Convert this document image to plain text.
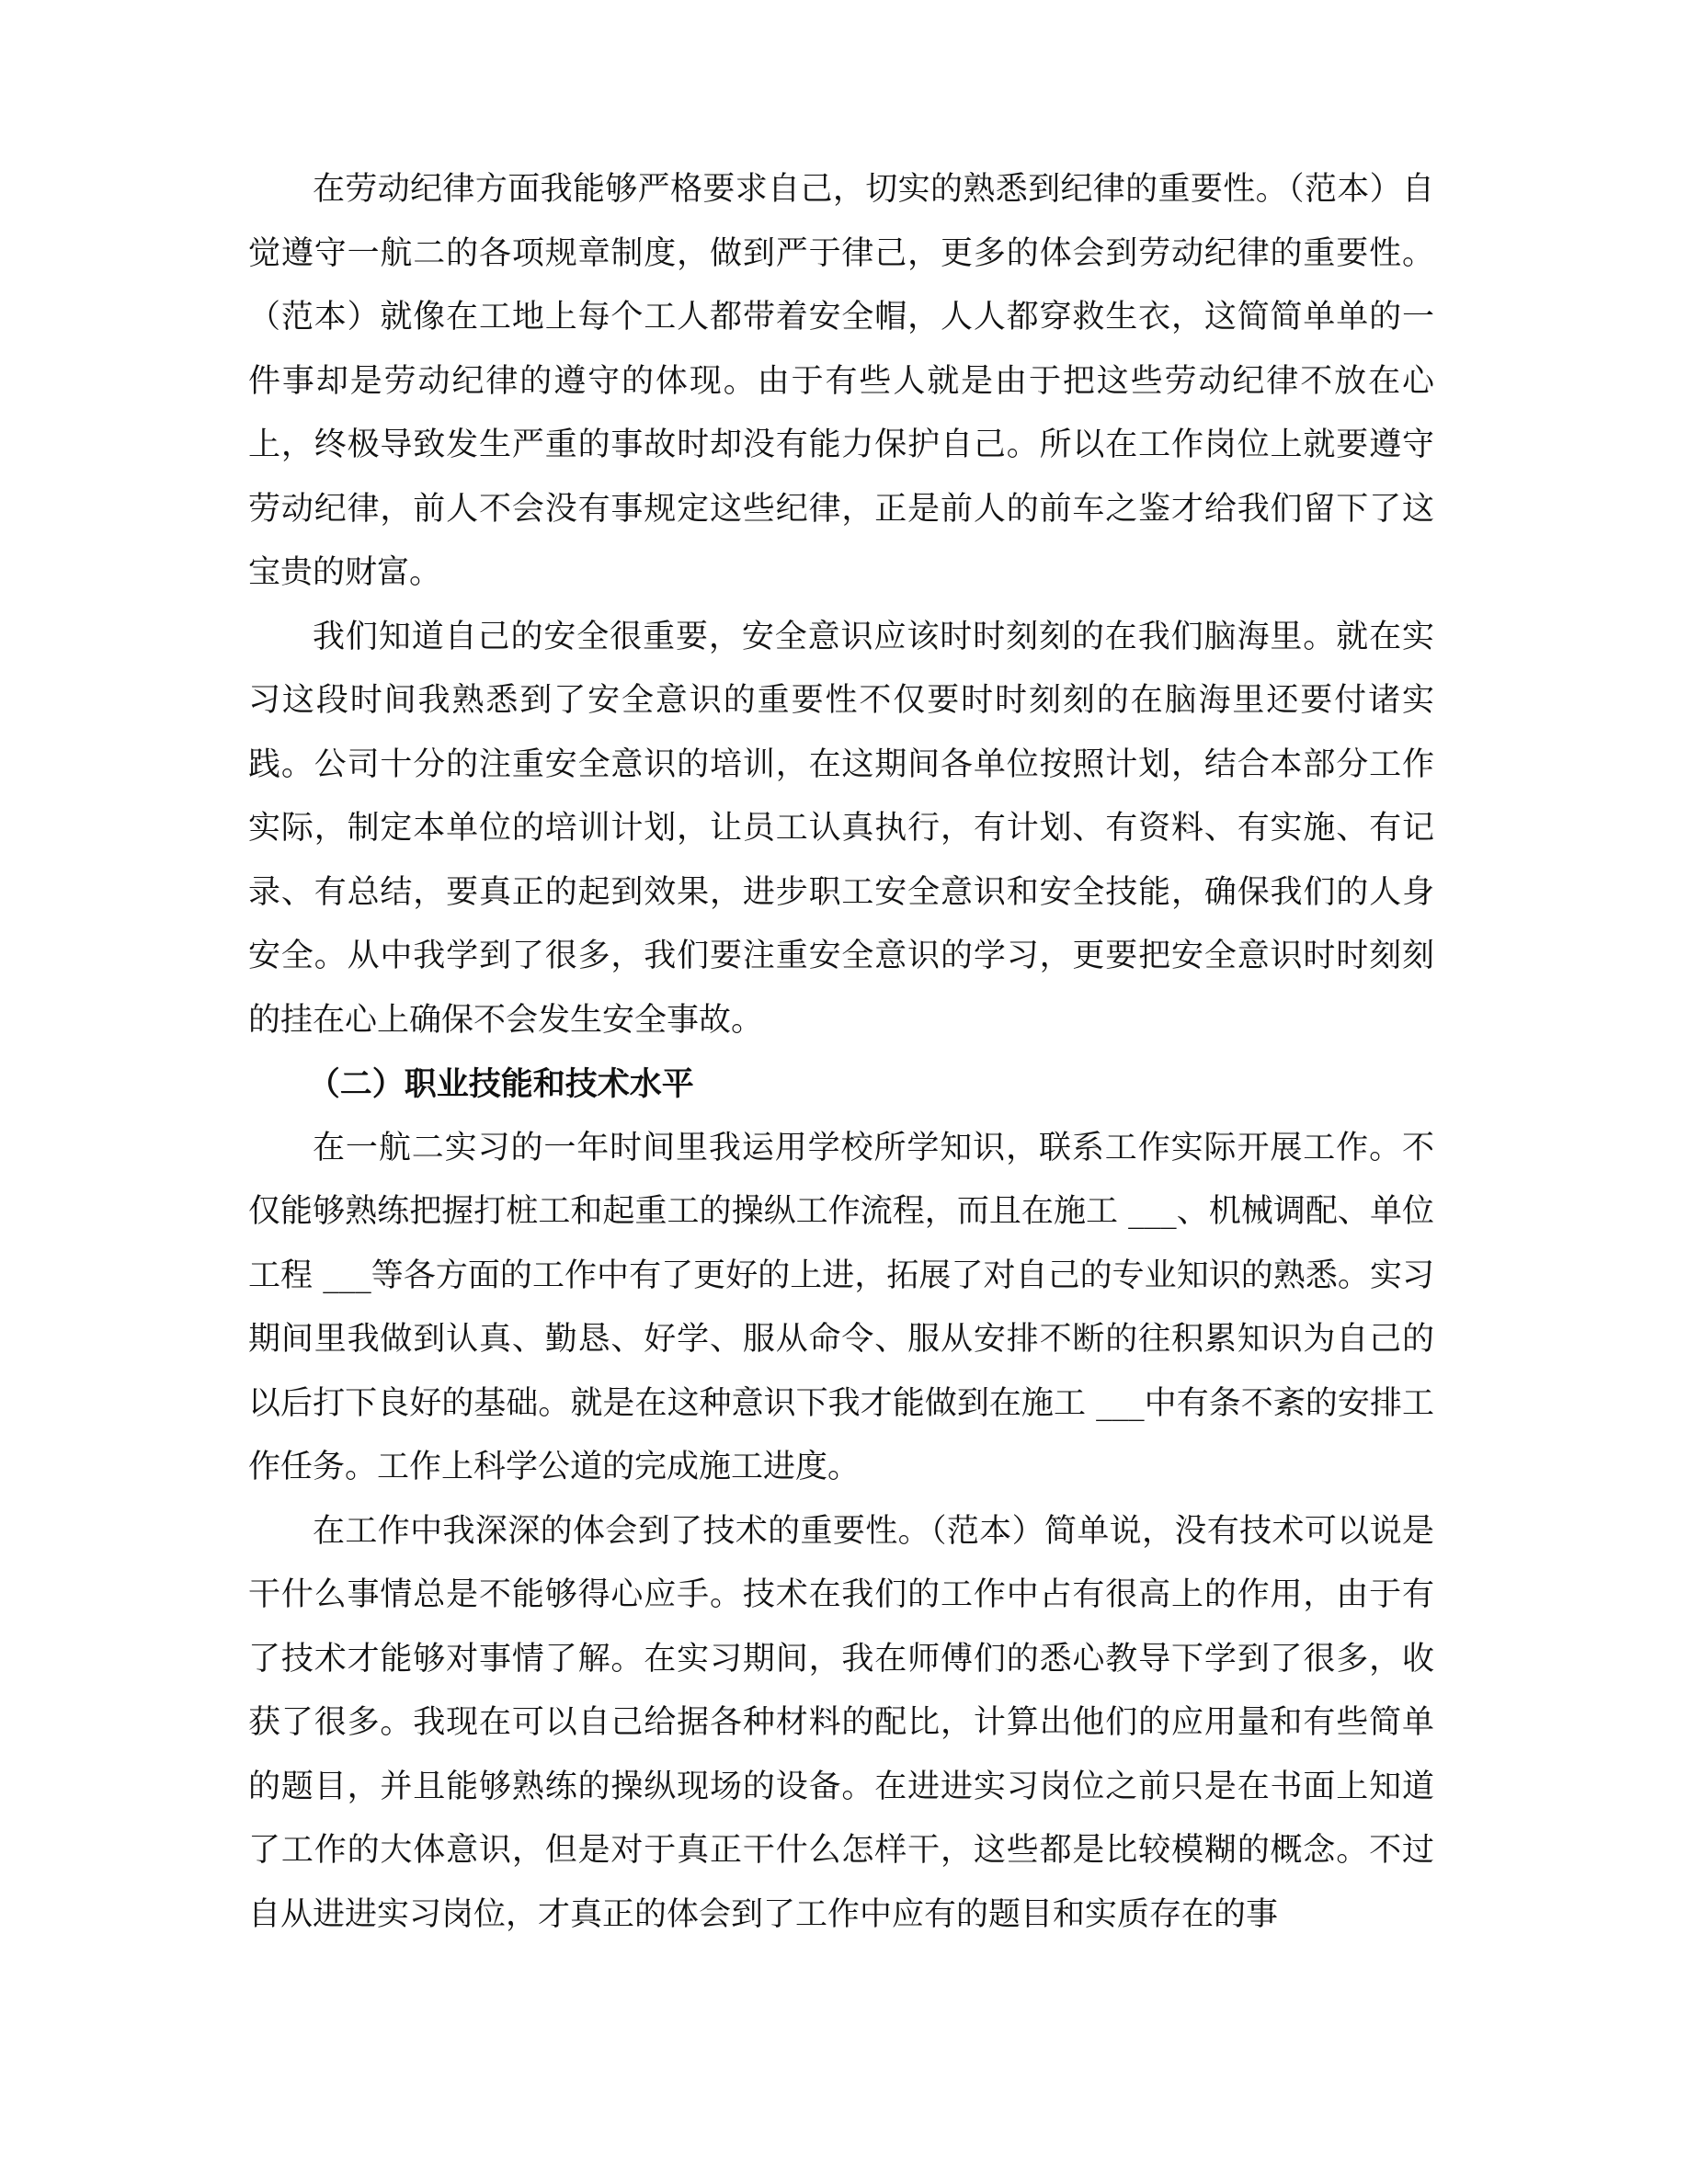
在劳动纪律方面我能够严格要求自己，切实的熟悉到纪律的重要性。（范本）自觉遵守一航二的各项规章制度，做到严于律己，更多的体会到劳动纪律的重要性。（范本）就像在工地上每个工人都带着安全帽，人人都穿救生衣，这简简单单的一件事却是劳动纪律的遵守的体现。由于有些人就是由于把这些劳动纪律不放在心上，终极导致发生严重的事故时却没有能力保护自己。所以在工作岗位上就要遵守劳动纪律，前人不会没有事规定这些纪律，正是前人的前车之鉴才给我们留下了这宝贵的财富。

我们知道自己的安全很重要，安全意识应该时时刻刻的在我们脑海里。就在实习这段时间我熟悉到了安全意识的重要性不仅要时时刻刻的在脑海里还要付诸实践。公司十分的注重安全意识的培训，在这期间各单位按照计划，结合本部分工作实际，制定本单位的培训计划，让员工认真执行，有计划、有资料、有实施、有记录、有总结，要真正的起到效果，进步职工安全意识和安全技能，确保我们的人身安全。从中我学到了很多，我们要注重安全意识的学习，更要把安全意识时时刻刻的挂在心上确保不会发生安全事故。

（二）职业技能和技术水平

在一航二实习的一年时间里我运用学校所学知识，联系工作实际开展工作。不仅能够熟练把握打桩工和起重工的操纵工作流程，而且在施工 ___、机械调配、单位工程 ___等各方面的工作中有了更好的上进，拓展了对自己的专业知识的熟悉。实习期间里我做到认真、勤恳、好学、服从命令、服从安排不断的往积累知识为自己的以后打下良好的基础。就是在这种意识下我才能做到在施工 ___中有条不紊的安排工作任务。工作上科学公道的完成施工进度。

在工作中我深深的体会到了技术的重要性。（范本）简单说，没有技术可以说是干什么事情总是不能够得心应手。技术在我们的工作中占有很高上的作用，由于有了技术才能够对事情了解。在实习期间，我在师傅们的悉心教导下学到了很多，收获了很多。我现在可以自己给据各种材料的配比，计算出他们的应用量和有些简单的题目，并且能够熟练的操纵现场的设备。在进进实习岗位之前只是在书面上知道了工作的大体意识，但是对于真正干什么怎样干，这些都是比较模糊的概念。不过自从进进实习岗位，才真正的体会到了工作中应有的题目和实质存在的事
